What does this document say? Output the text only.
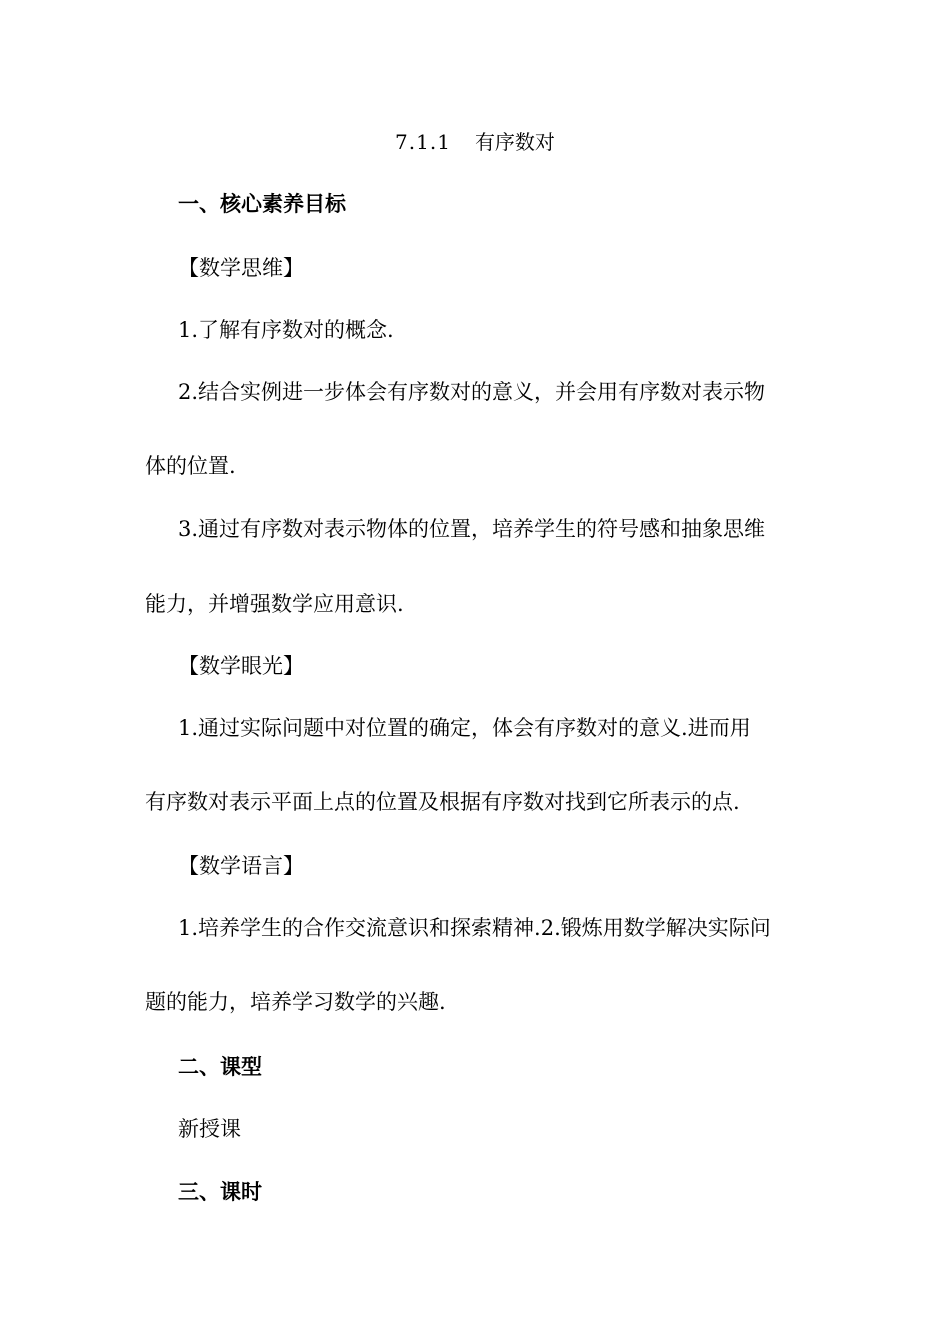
7.1.1 有序数对
一、核心素养目标
【数学思维】
1.了解有序数对的概念.
2.结合实例进一步体会有序数对的意义，并会用有序数对表示物
体的位置.
3.通过有序数对表示物体的位置，培养学生的符号感和抽象思维
能力，并增强数学应用意识.
【数学眼光】
1.通过实际问题中对位置的确定，体会有序数对的意义.进而用
有序数对表示平面上点的位置及根据有序数对找到它所表示的点.
【数学语言】
1.培养学生的合作交流意识和探索精神.2.锻炼用数学解决实际问
题的能力，培养学习数学的兴趣.
二、课型
新授课
三、课时
